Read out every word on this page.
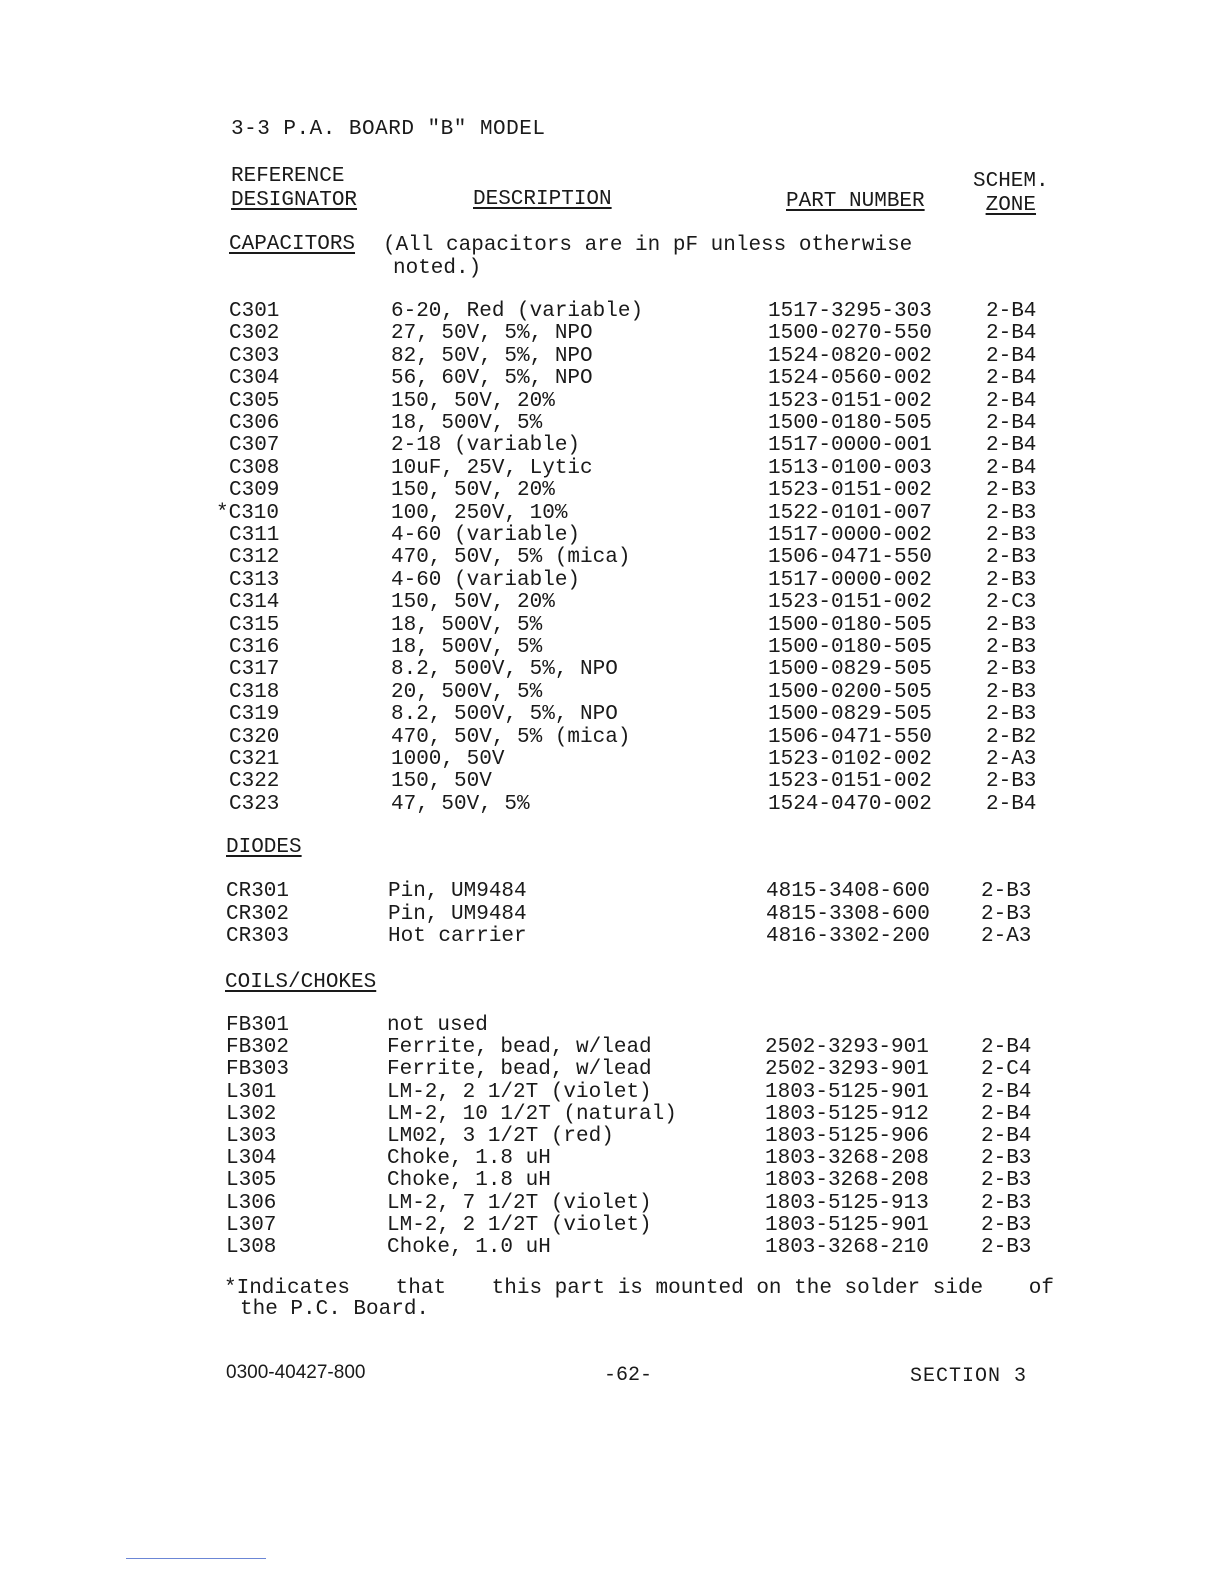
3-3 P.A. BOARD "B" MODEL
REFERENCE
DESIGNATOR	DESCRIPTION	PART NUMBER
SCHEM.
ZONE
CAPACITORS (All capacitors are in pF unless otherwise
noted.)
C301	6-20, Red (variable)	1517-3295-303	2-B4
C302	27, 50V, 5%, NPO	1500-0270-550	2-B4
C303	82, 50V, 5%, NPO	1524-0820-002	2-B4
C304	56, 60V, 5%, NPO	1524-0560-002	2-B4
C305	150, 50V, 20%	1523-0151-002	2-B4
C306	18, 500V, 5%	1500-0180-505	2-B4
C307	2-18 (variable)	1517-0000-001	2-B4
C308	10uF, 25V, Lytic	1513-0100-003	2-B4
C309	150, 50V, 20%	1523-0151-002	2-B3
*C310	100, 250V, 10%	1522-0101-007	2-B3
C311	4-60 (variable)	1517-0000-002	2-B3
C312	470, 50V, 5% (mica)	1506-0471-550	2-B3
C313	4-60 (variable)	1517-0000-002	2-B3
C314	150, 50V, 20%	1523-0151-002	2-C3
C315	18, 500V, 5%	1500-0180-505	2-B3
C316	18, 500V, 5%	1500-0180-505	2-B3
C317	8.2, 500V, 5%, NPO	1500-0829-505	2-B3
C318	20, 500V, 5%	1500-0200-505	2-B3
C319	8.2, 500V, 5%, NPO	1500-0829-505	2-B3
C320	470, 50V, 5% (mica)	1506-0471-550	2-B2
C321	1000, 50V	1523-0102-002	2-A3
C322	150, 50V	1523-0151-002	2-B3
C323	47, 50V, 5%	1524-0470-002	2-B4
DIODES
CR301	Pin, UM9484	4815-3408-600 2-B3
CR302	Pin, UM9484	4815-3308-600 2-B3
CR303	Hot carrier	4816-3302-200 2-A3
COILS/CHOKES
FB301	not used
FB302	Ferrite, bead, w/lead	2502-3293-901 2-B4
FB303	Ferrite, bead, w/lead	2502-3293-901 2-C4
L301	LM-2, 2 1/2T (violet)	1803-5125-901 2-B4
L302	LM-2, 10 1/2T (natural)	1803-5125-912 2-B4
L303	LM02, 3 1/2T (red)	1803-5125-906 2-B4
L304	Choke, 1.8 uH	1803-3268-208 2-B3
L305	Choke, 1.8 uH	1803-3268-208 2-B3
L306	LM-2, 7 1/2T (violet)	1803-5125-913 2-B3
L307	LM-2, 2 1/2T (violet)	1803-5125-901 2-B3
L308	Choke, 1.0 uH	1803-3268-210 2-B3
*Indicates that this part is mounted on the solder side of
the P.C. Board.
0300-40427-800	-62-	SECTION 3
